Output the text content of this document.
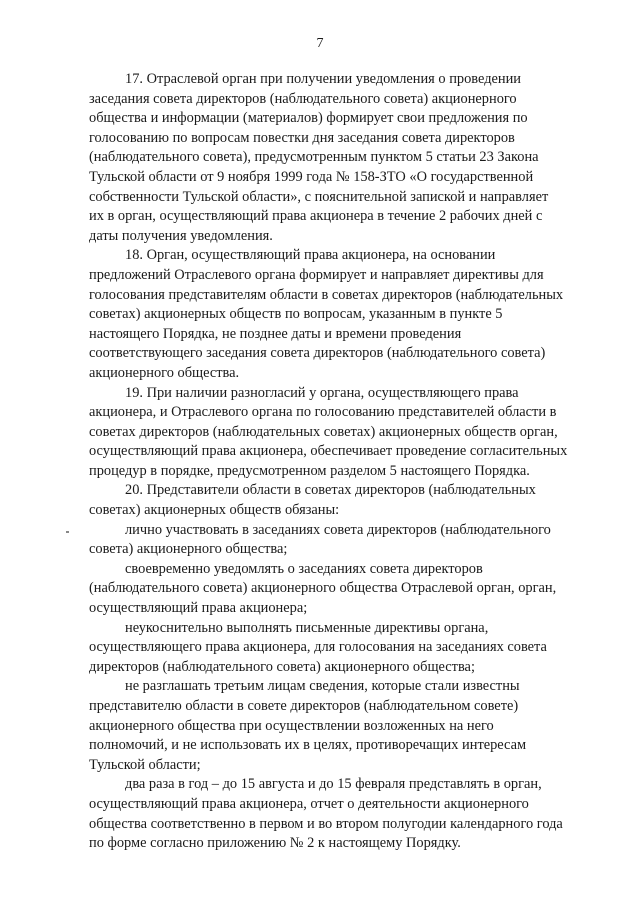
7

17. Отраслевой орган при получении уведомления о проведении
заседания совета директоров (наблюдательного совета) акционерного
общества и информации (материалов) формирует свои предложения по
голосованию по вопросам повестки дня заседания совета директоров
(наблюдательного совета), предусмотренным пунктом 5 статьи 23 Закона
Тульской области от 9 ноября 1999 года № 158-ЗТО «О государственной
собственности Тульской области», с пояснительной запиской и направляет
их в орган, осуществляющий права акционера в течение 2 рабочих дней с
даты получения уведомления.

18. Орган, осуществляющий права акционера, на основании
предложений Отраслевого органа формирует и направляет директивы для
голосования представителям области в советах директоров (наблюдательных
советах) акционерных обществ по вопросам, указанным в пункте 5
настоящего Порядка, не позднее даты и времени проведения
соответствующего заседания совета директоров (наблюдательного совета)
акционерного общества.

19. При наличии разногласий у органа, осуществляющего права
акционера, и Отраслевого органа по голосованию представителей области в
советах директоров (наблюдательных советах) акционерных обществ орган,
осуществляющий права акционера, обеспечивает проведение согласительных
процедур в порядке, предусмотренном разделом 5 настоящего Порядка.

20. Представители области в советах директоров (наблюдательных
советах) акционерных обществ обязаны:

лично участвовать в заседаниях совета директоров (наблюдательного
совета) акционерного общества;

своевременно уведомлять о заседаниях совета директоров
(наблюдательного совета) акционерного общества Отраслевой орган, орган,
осуществляющий права акционера;

неукоснительно выполнять письменные директивы органа,
осуществляющего права акционера, для голосования на заседаниях совета
директоров (наблюдательного совета) акционерного общества;

не разглашать третьим лицам сведения, которые стали известны
представителю области в совете директоров (наблюдательном совете)
акционерного общества при осуществлении возложенных на него
полномочий, и не использовать их в целях, противоречащих интересам
Тульской области;

два раза в год – до 15 августа и до 15 февраля представлять в орган,
осуществляющий права акционера, отчет о деятельности акционерного
общества соответственно в первом и во втором полугодии календарного года
по форме согласно приложению № 2 к настоящему Порядку.
